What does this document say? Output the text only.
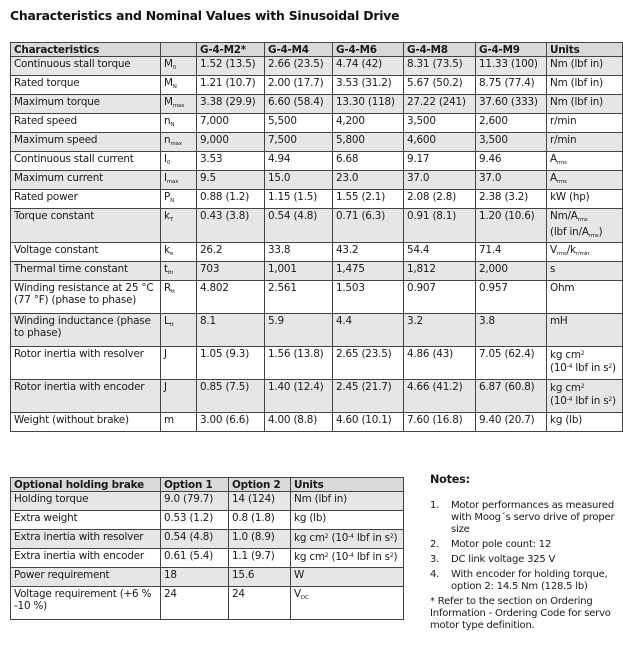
Characteristics and Nominal Values with Sinusoidal Drive
Characteristics		G-4-M2*	G-4-M4	G-4-M6	G-4-M8	G-4-M9	Units
Continuous stall torque	M0	1.52 (13.5)	2.66 (23.5)	4.74 (42)	8.31 (73.5)	11.33 (100)	Nm (lbf in)
Rated torque	MN	1.21 (10.7)	2.00 (17.7)	3.53 (31.2)	5.67 (50.2)	8.75 (77.4)	Nm (lbf in)
Maximum torque	Mmax	3.38 (29.9)	6.60 (58.4)	13.30 (118)	27.22 (241)	37.60 (333)	Nm (lbf in)
Rated speed	nN	7,000	5,500	4,200	3,500	2,600	r/min
Maximum speed	nmax	9,000	7,500	5,800	4,600	3,500	r/min
Continuous stall current	I0	3.53	4.94	6.68	9.17	9.46	Arms
Maximum current	Imax	9.5	15.0	23.0	37.0	37.0	Arms
Rated power	PN	0.88 (1.2)	1.15 (1.5)	1.55 (2.1)	2.08 (2.8)	2.38 (3.2)	kW (hp)
Torque constant	kT	0.43 (3.8)	0.54 (4.8)	0.71 (6.3)	0.91 (8.1)	1.20 (10.6)	Nm/Arms
(lbf in/Arms)
Voltage constant	ke	26.2	33.8	43.2	54.4	71.4	Vrms/kr/min
Thermal time constant	tth	703	1,001	1,475	1,812	2,000	s
Winding resistance at 25 °C (77 °F) (phase to phase)	Rtt	4.802	2.561	1.503	0.907	0.957	Ohm
Winding inductance (phase to phase)	Ltt	8.1	5.9	4.4	3.2	3.8	mH
Rotor inertia with resolver	J	1.05 (9.3)	1.56 (13.8)	2.65 (23.5)	4.86 (43)	7.05 (62.4)	kg $cm^2$
($10^{-4}$ lbf in $s^2$)
Rotor inertia with encoder	J	0.85 (7.5)	1.40 (12.4)	2.45 (21.7)	4.66 (41.2)	6.87 (60.8)	kg $cm^2$
($10^{-4}$ lbf in $s^2$)
Weight (without brake)	m	3.00 (6.6)	4.00 (8.8)	4.60 (10.1)	7.60 (16.8)	9.40 (20.7)	kg (lb)
Optional holding brake	Option 1	Option 2	Units
Holding torque	9.0 (79.7)	14 (124)	Nm (lbf in)
Extra weight	0.53 (1.2)	0.8 (1.8)	kg (lb)
Extra inertia with resolver	0.54 (4.8)	1.0 (8.9)	kg $cm^2$ ($10^{-4}$ lbf in $s^2$)
Extra inertia with encoder	0.61 (5.4)	1.1 (9.7)	kg $cm^2$ ($10^{-4}$ lbf in $s^2$)
Power requirement	18	15.6	W
Voltage requirement (+6 % -10 %)	24	24	VDC
Notes:
1.	Motor performances as measured with Moog´s servo drive of proper size
2.	Motor pole count: 12
3.	DC link voltage 325 V
4.	With encoder for holding torque, option 2: 14.5 Nm (128.5 lb)
* Refer to the section on Ordering Information - Ordering Code for servo motor type definition.
